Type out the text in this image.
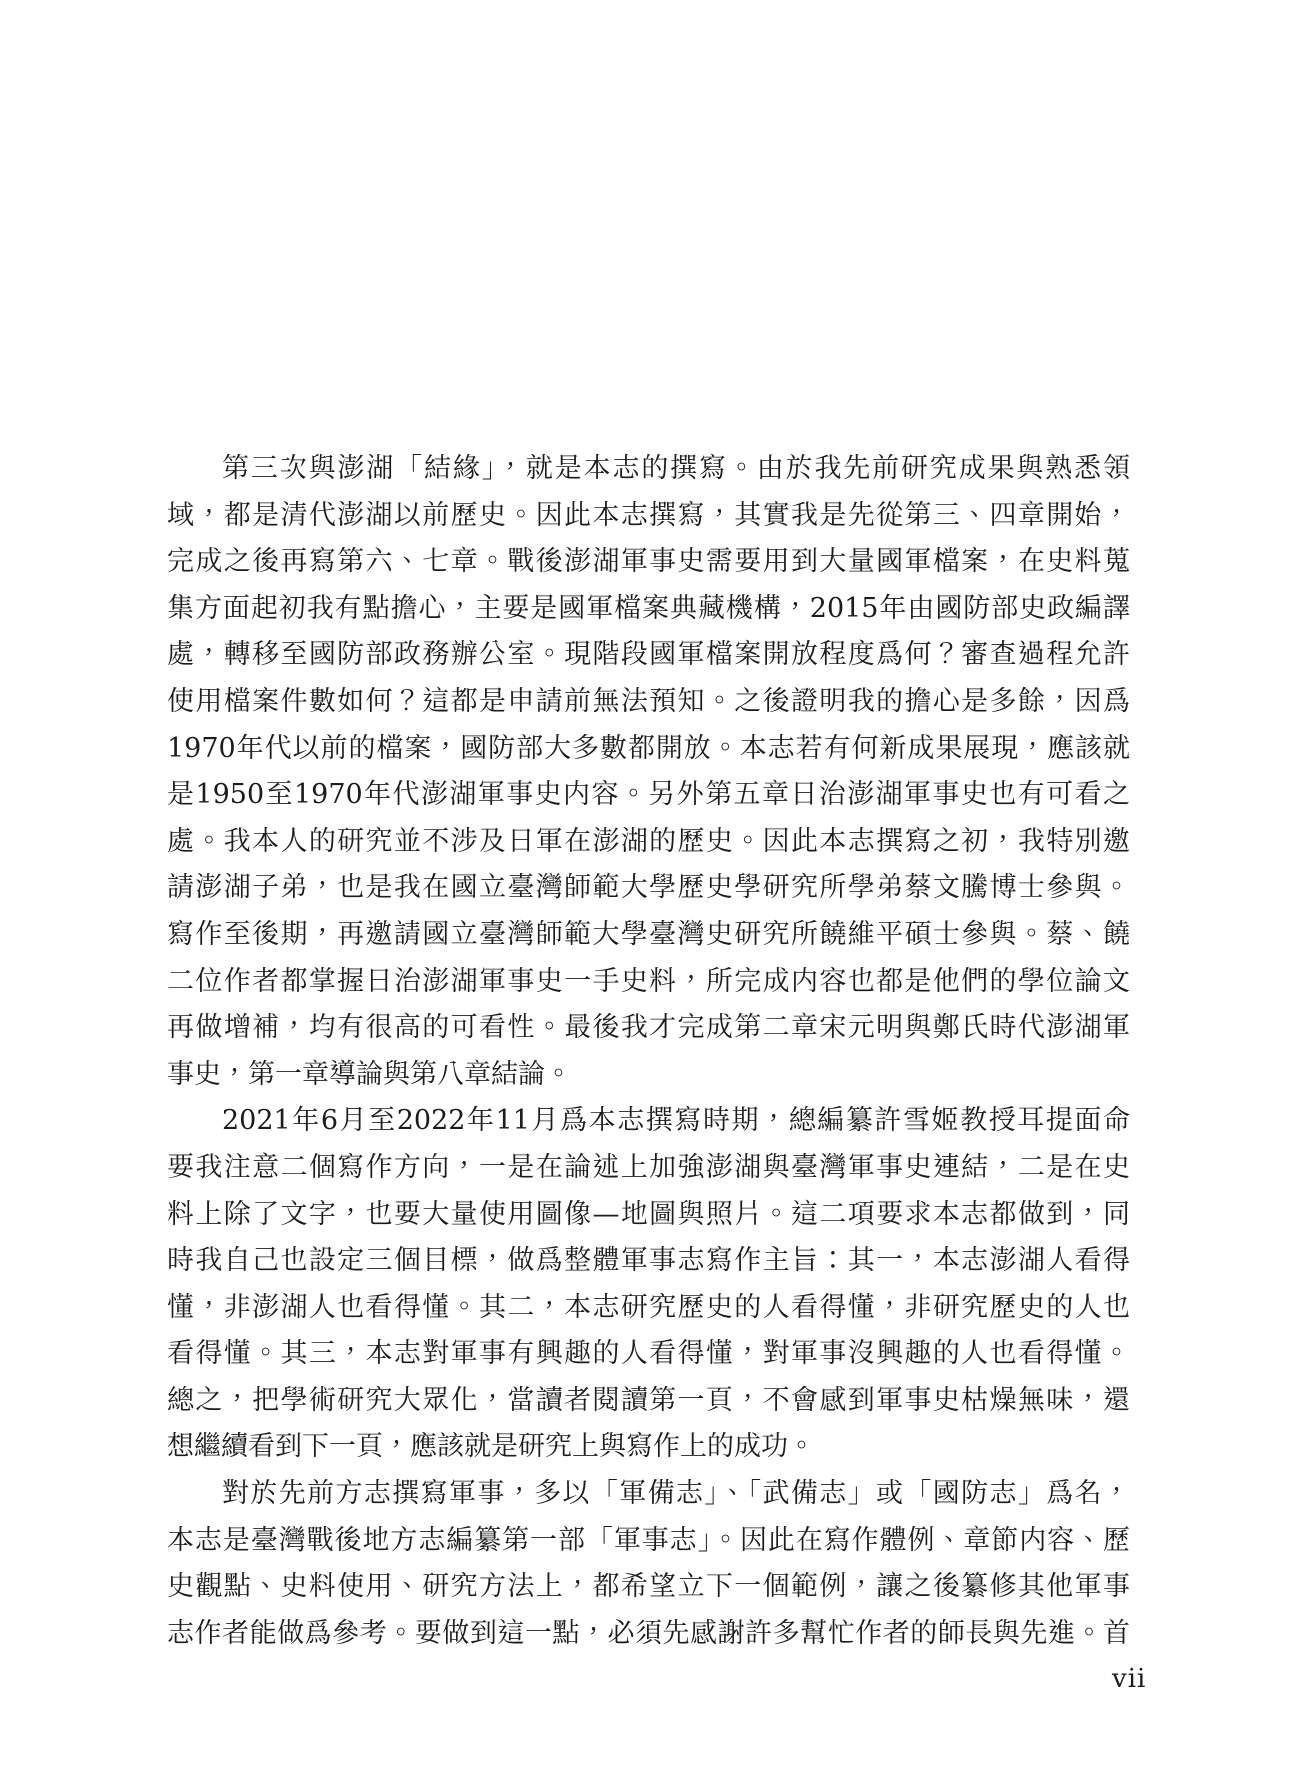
第三次與澎湖「結緣」，就是本志的撰寫。由於我先前研究成果與熟悉領
域，都是清代澎湖以前歷史。因此本志撰寫，其實我是先從第三、四章開始，
完成之後再寫第六、七章。戰後澎湖軍事史需要用到大量國軍檔案，在史料蒐
集方面起初我有點擔心，主要是國軍檔案典藏機構，2015年由國防部史政編譯
處，轉移至國防部政務辦公室。現階段國軍檔案開放程度爲何？審查過程允許
使用檔案件數如何？這都是申請前無法預知。之後證明我的擔心是多餘，因爲
1970年代以前的檔案，國防部大多數都開放。本志若有何新成果展現，應該就
是1950至1970年代澎湖軍事史内容。另外第五章日治澎湖軍事史也有可看之
處。我本人的研究並不涉及日軍在澎湖的歷史。因此本志撰寫之初，我特別邀
請澎湖子弟，也是我在國立臺灣師範大學歷史學研究所學弟蔡文騰博士參與。
寫作至後期，再邀請國立臺灣師範大學臺灣史研究所饒維平碩士參與。蔡、饒
二位作者都掌握日治澎湖軍事史一手史料，所完成内容也都是他們的學位論文
再做增補，均有很高的可看性。最後我才完成第二章宋元明與鄭氏時代澎湖軍
事史，第一章導論與第八章結論。
2021年6月至2022年11月爲本志撰寫時期，總編纂許雪姬教授耳提面命
要我注意二個寫作方向，一是在論述上加強澎湖與臺灣軍事史連結，二是在史
料上除了文字，也要大量使用圖像—地圖與照片。這二項要求本志都做到，同
時我自己也設定三個目標，做爲整體軍事志寫作主旨：其一，本志澎湖人看得
懂，非澎湖人也看得懂。其二，本志研究歷史的人看得懂，非研究歷史的人也
看得懂。其三，本志對軍事有興趣的人看得懂，對軍事沒興趣的人也看得懂。
總之，把學術研究大眾化，當讀者閱讀第一頁，不會感到軍事史枯燥無味，還
想繼續看到下一頁，應該就是研究上與寫作上的成功。
對於先前方志撰寫軍事，多以「軍備志」、「武備志」或「國防志」爲名，
本志是臺灣戰後地方志編纂第一部「軍事志」。因此在寫作體例、章節内容、歷
史觀點、史料使用、研究方法上，都希望立下一個範例，讓之後纂修其他軍事
志作者能做爲參考。要做到這一點，必須先感謝許多幫忙作者的師長與先進。首
vii
